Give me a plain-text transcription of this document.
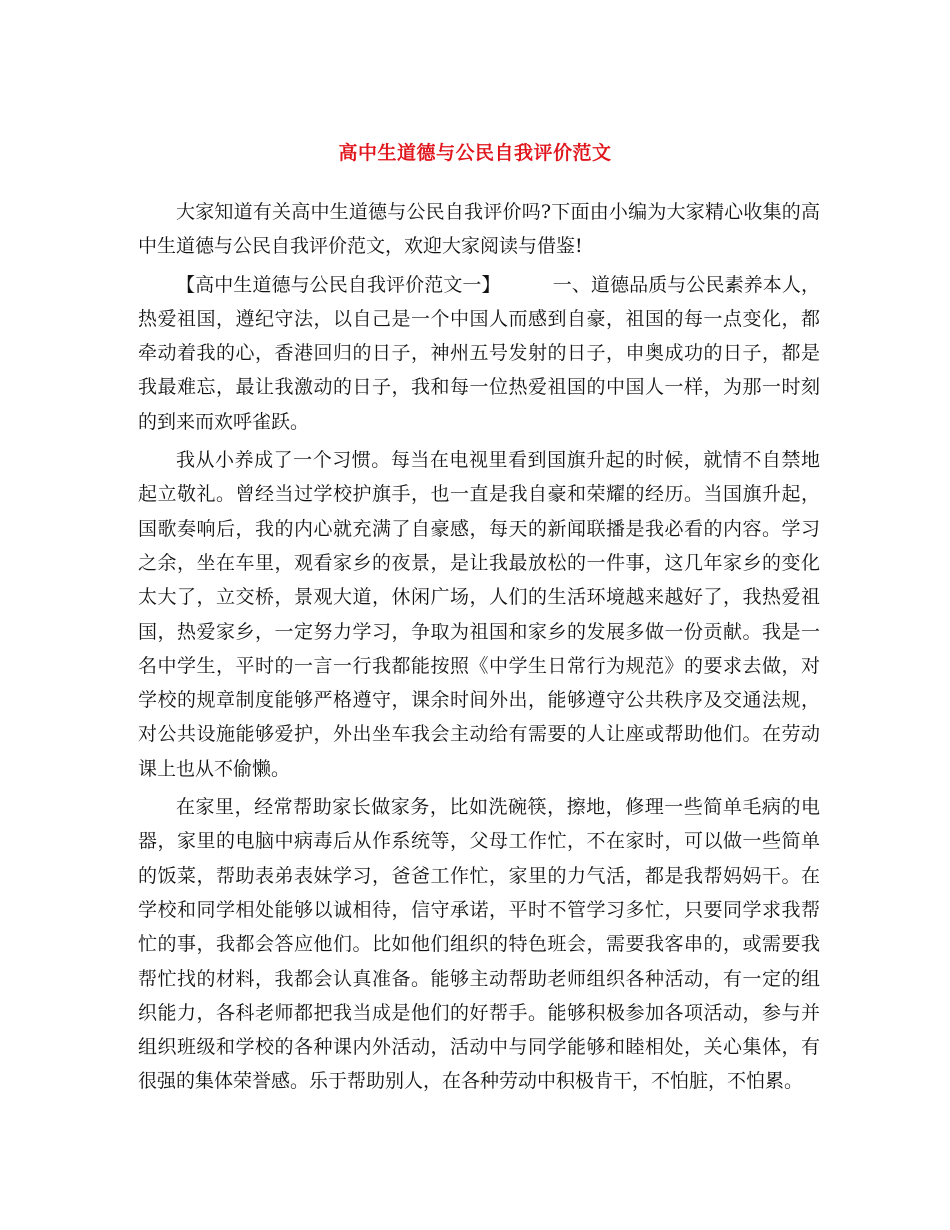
高中生道德与公民自我评价范文

大家知道有关高中生道德与公民自我评价吗?下面由小编为大家精心收集的高中生道德与公民自我评价范文，欢迎大家阅读与借鉴!

【高中生道德与公民自我评价范文一】	一、道德品质与公民素养本人，热爱祖国，遵纪守法，以自己是一个中国人而感到自豪，祖国的每一点变化，都牵动着我的心，香港回归的日子，神州五号发射的日子，申奥成功的日子，都是我最难忘，最让我激动的日子，我和每一位热爱祖国的中国人一样，为那一时刻的到来而欢呼雀跃。

我从小养成了一个习惯。每当在电视里看到国旗升起的时候，就情不自禁地起立敬礼。曾经当过学校护旗手，也一直是我自豪和荣耀的经历。当国旗升起，国歌奏响后，我的内心就充满了自豪感，每天的新闻联播是我必看的内容。学习之余，坐在车里，观看家乡的夜景，是让我最放松的一件事，这几年家乡的变化太大了，立交桥，景观大道，休闲广场，人们的生活环境越来越好了，我热爱祖国，热爱家乡，一定努力学习，争取为祖国和家乡的发展多做一份贡献。我是一名中学生，平时的一言一行我都能按照《中学生日常行为规范》的要求去做，对学校的规章制度能够严格遵守，课余时间外出，能够遵守公共秩序及交通法规，对公共设施能够爱护，外出坐车我会主动给有需要的人让座或帮助他们。在劳动课上也从不偷懒。

在家里，经常帮助家长做家务，比如洗碗筷，擦地，修理一些简单毛病的电器，家里的电脑中病毒后从作系统等，父母工作忙，不在家时，可以做一些简单的饭菜，帮助表弟表妹学习，爸爸工作忙，家里的力气活，都是我帮妈妈干。在学校和同学相处能够以诚相待，信守承诺，平时不管学习多忙，只要同学求我帮忙的事，我都会答应他们。比如他们组织的特色班会，需要我客串的，或需要我帮忙找的材料，我都会认真准备。能够主动帮助老师组织各种活动，有一定的组织能力，各科老师都把我当成是他们的好帮手。能够积极参加各项活动，参与并组织班级和学校的各种课内外活动，活动中与同学能够和睦相处，关心集体，有很强的集体荣誉感。乐于帮助别人，在各种劳动中积极肯干，不怕脏，不怕累。
